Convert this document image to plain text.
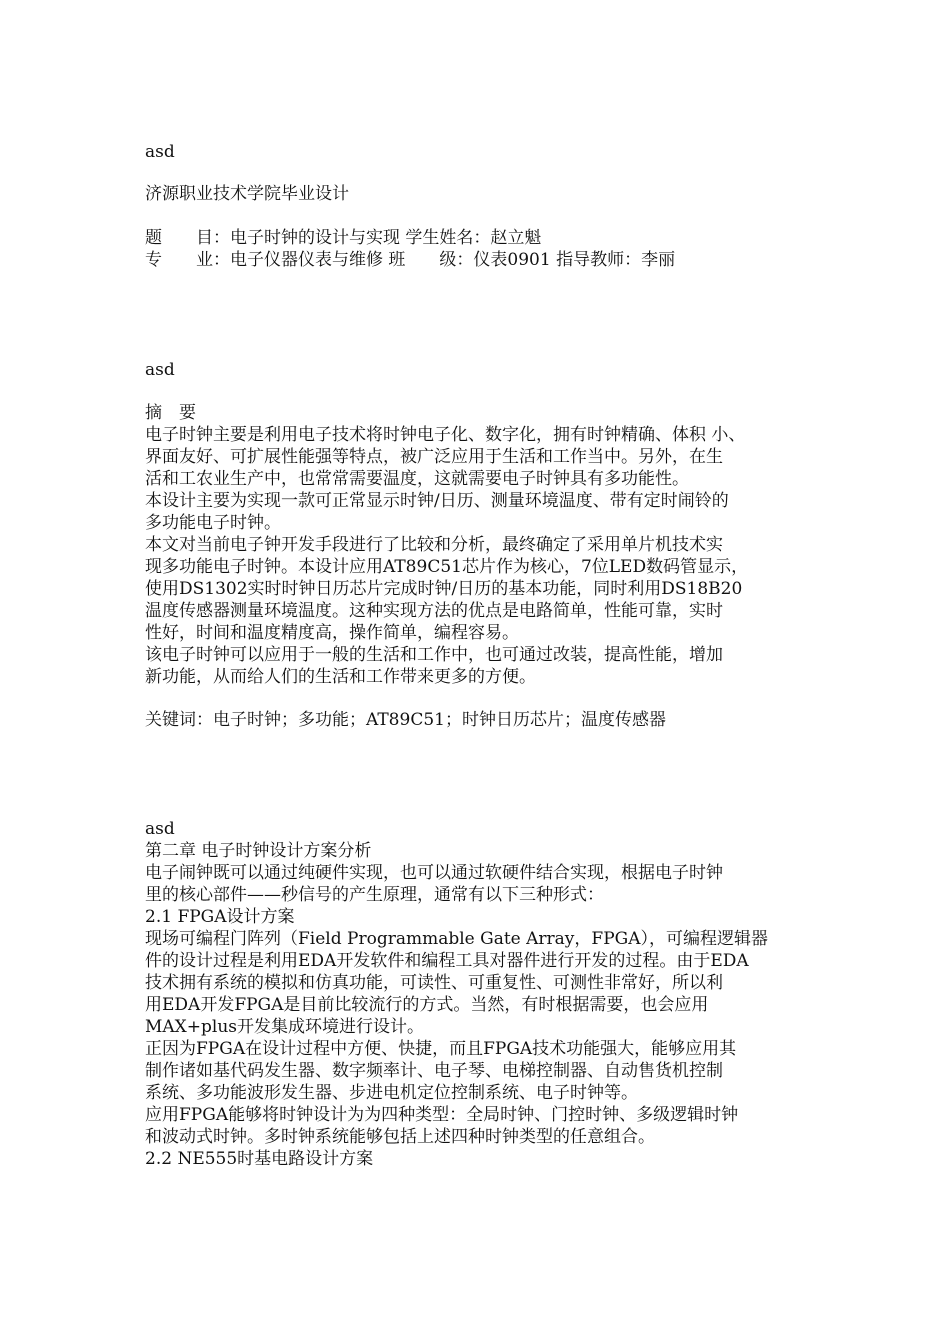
asd
济源职业技术学院毕业设计
题　　目：电子时钟的设计与实现 学生姓名：赵立魁
专　　业：电子仪器仪表与维修 班　　级：仪表0901 指导教师：李丽
asd
摘　要
电子时钟主要是利用电子技术将时钟电子化、数字化，拥有时钟精确、体积 小、
界面友好、可扩展性能强等特点，被广泛应用于生活和工作当中。另外，在生
活和工农业生产中，也常常需要温度，这就需要电子时钟具有多功能性。
本设计主要为实现一款可正常显示时钟/日历、测量环境温度、带有定时闹铃的
多功能电子时钟。
本文对当前电子钟开发手段进行了比较和分析，最终确定了采用单片机技术实
现多功能电子时钟。本设计应用AT89C51芯片作为核心，7位LED数码管显示，
使用DS1302实时时钟日历芯片完成时钟/日历的基本功能，同时利用DS18B20
温度传感器测量环境温度。这种实现方法的优点是电路简单，性能可靠，实时
性好，时间和温度精度高，操作简单，编程容易。
该电子时钟可以应用于一般的生活和工作中，也可通过改装，提高性能，增加
新功能，从而给人们的生活和工作带来更多的方便。
关键词：电子时钟；多功能；AT89C51；时钟日历芯片；温度传感器
asd
第二章 电子时钟设计方案分析
电子闹钟既可以通过纯硬件实现，也可以通过软硬件结合实现，根据电子时钟
里的核心部件——秒信号的产生原理，通常有以下三种形式：
2.1 FPGA设计方案
现场可编程门阵列（Field Programmable Gate Array，FPGA），可编程逻辑器
件的设计过程是利用EDA开发软件和编程工具对器件进行开发的过程。由于EDA
技术拥有系统的模拟和仿真功能，可读性、可重复性、可测性非常好，所以利
用EDA开发FPGA是目前比较流行的方式。当然，有时根据需要，也会应用
MAX+plus开发集成环境进行设计。
正因为FPGA在设计过程中方便、快捷，而且FPGA技术功能强大，能够应用其
制作诸如基代码发生器、数字频率计、电子琴、电梯控制器、自动售货机控制
系统、多功能波形发生器、步进电机定位控制系统、电子时钟等。
应用FPGA能够将时钟设计为为四种类型：全局时钟、门控时钟、多级逻辑时钟
和波动式时钟。多时钟系统能够包括上述四种时钟类型的任意组合。
2.2 NE555时基电路设计方案
